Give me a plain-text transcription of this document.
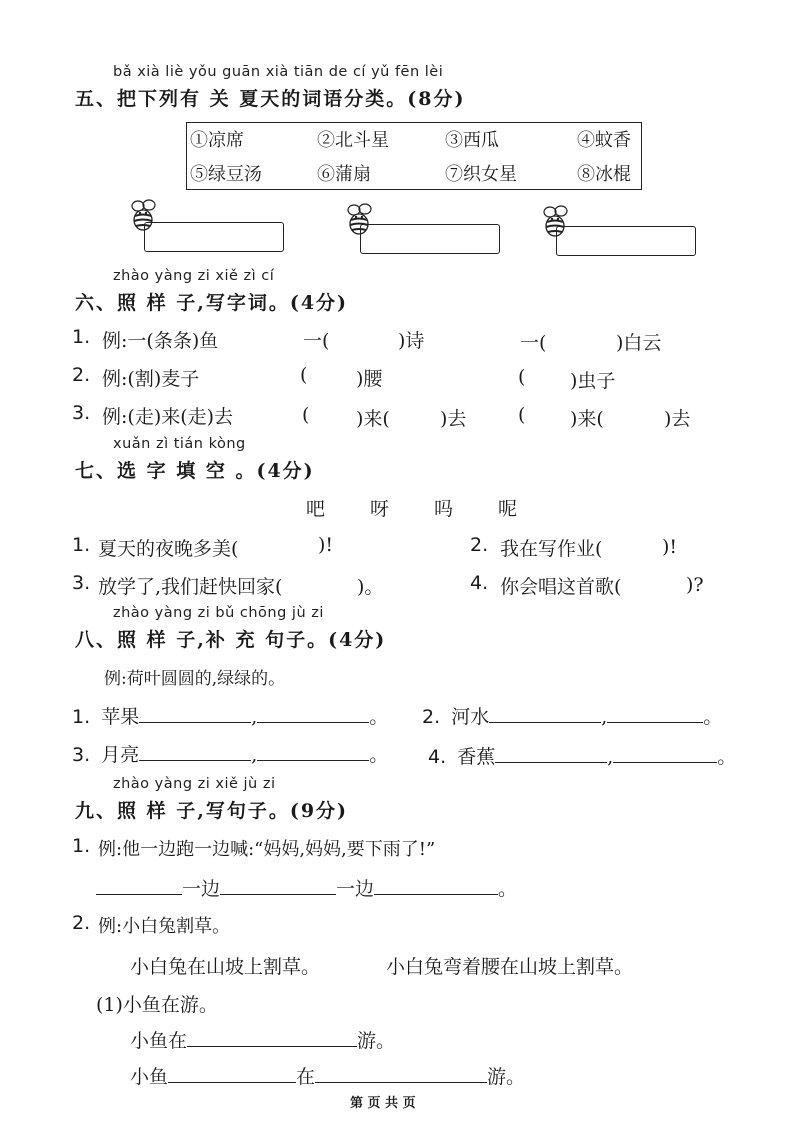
bǎ xià liè yǒu guān xià tiān de cí yǔ fēn lèi
五、把下列有 关 夏天的词语分类。(8分)
①凉席	②北斗星	③西瓜	④蚊香
⑤绿豆汤	⑥蒲扇	⑦织女星	⑧冰棍
zhào yàng zi xiě zì cí
六、照 样 子,写字词。(4分)
1. 例:一(条条)鱼	一(	)诗	一(	)白云
2. 例:(割)麦子	(	)腰	( )虫子
3. 例:(走)来(走)去	( )来(	)去	( )来(	)去
xuǎn zì tián kòng
七、选 字 填 空 。(4分)
吧 呀 吗 呢
1. 夏天的夜晚多美(	)!	2. 我在写作业(	)!
3. 放学了,我们赶快回家(	)。	4. 你会唱这首歌(	)?
zhào yàng zi bǔ chōng jù zi
八、照 样 子,补 充 句子。(4分)
例:荷叶圆圆的,绿绿的。
1. 苹果	,	。 2. 河水	,	。
3. 月亮	,	。 4. 香蕉	,	。
zhào yàng zi xiě jù zi
九、照 样 子,写句子。(9分)
1. 例:他一边跑一边喊:“妈妈,妈妈,要下雨了!”
一边	一边	。
2. 例:小白兔割草。
小白兔在山坡上割草。	小白兔弯着腰在山坡上割草。
(1)小鱼在游。
小鱼在	游。
小鱼	在	游。
第 页 共 页
